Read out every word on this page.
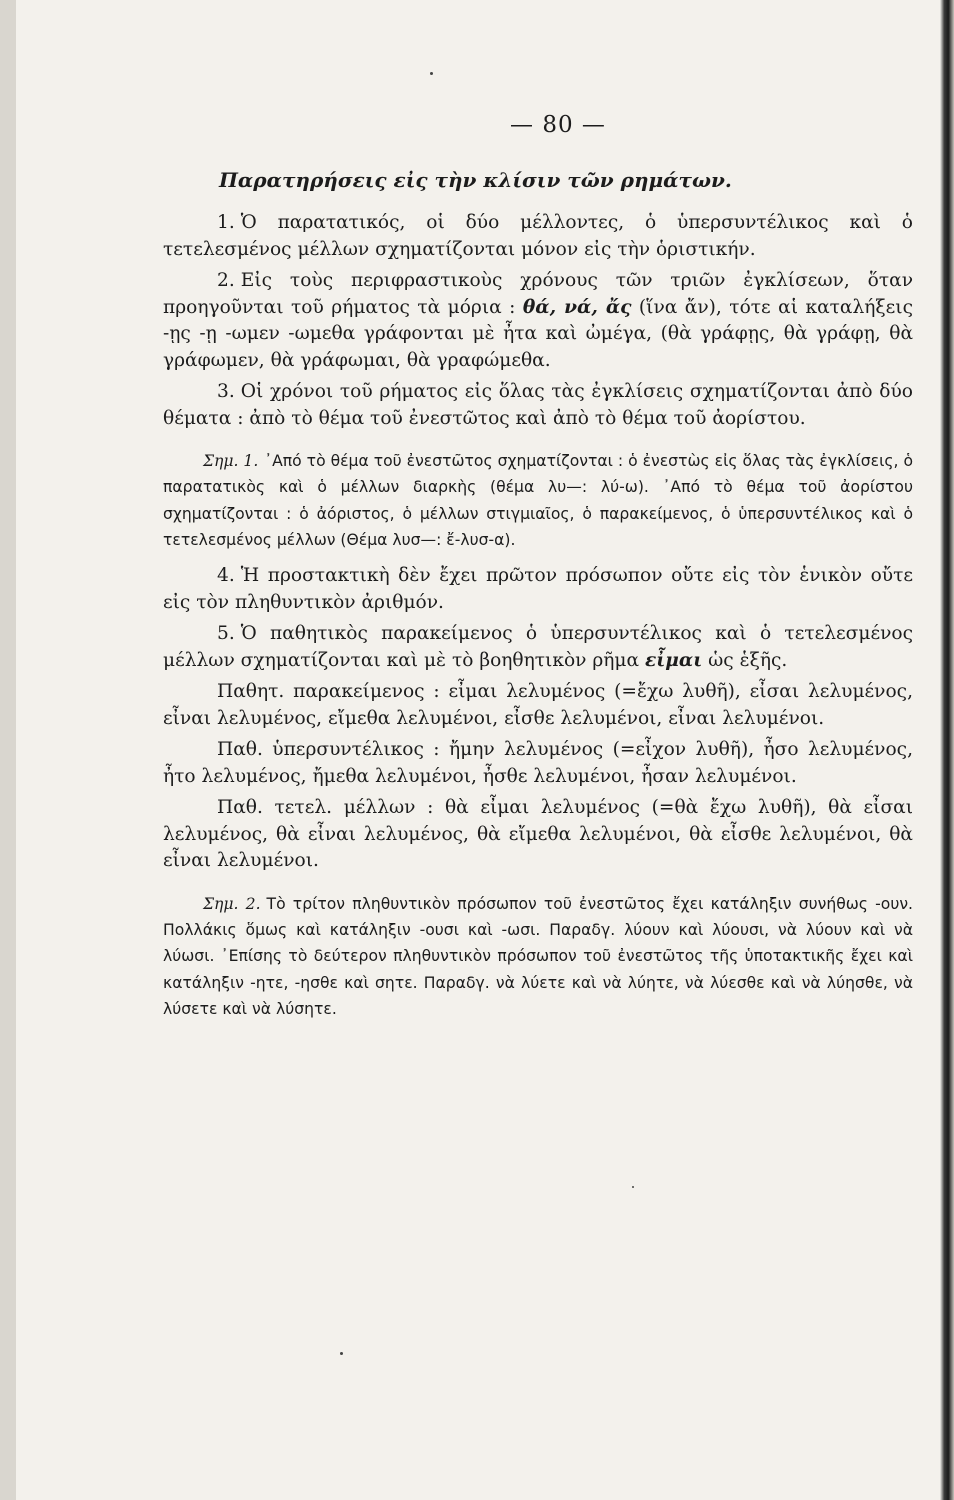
— 80 —
Παρατηρήσεις εἰς τὴν κλίσιν τῶν ρημάτων.

1. Ὁ παρατατικός, οἱ δύο μέλλοντες, ὁ ὑπερσυντέλικος καὶ ὁ τετελεσμένος μέλλων σχηματίζονται μόνον εἰς τὴν ὁριστικήν.

2. Εἰς τοὺς περιφραστικοὺς χρόνους τῶν τριῶν ἐγκλίσεων, ὅταν προηγοῦνται τοῦ ρήματος τὰ μόρια : θά, νά, ἄς (ἵνα ἄν), τότε αἱ καταλήξεις -ῃς -ῃ -ωμεν -ωμεθα γράφονται μὲ ἦτα καὶ ὠμέγα, (θὰ γράφῃς, θὰ γράφῃ, θὰ γράφωμεν, θὰ γράφωμαι, θὰ γραφώμεθα.

3. Οἱ χρόνοι τοῦ ρήματος εἰς ὅλας τὰς ἐγκλίσεις σχηματίζονται ἀπὸ δύο θέματα : ἀπὸ τὸ θέμα τοῦ ἐνεστῶτος καὶ ἀπὸ τὸ θέμα τοῦ ἀορίστου.

Σημ. 1. ᾿Από τὸ θέμα τοῦ ἐνεστῶτος σχηματίζονται : ὁ ἐνεστὼς εἰς ὅλας τὰς ἐγκλίσεις, ὁ παρατατικὸς καὶ ὁ μέλλων διαρκὴς (θέμα λυ—: λύ-ω). ᾿Από τὸ θέμα τοῦ ἀορίστου σχηματίζονται : ὁ ἀόριστος, ὁ μέλλων στιγμιαῖος, ὁ παρακείμενος, ὁ ὑπερσυντέλικος καὶ ὁ τετελεσμένος μέλλων (Θέμα λυσ—: ἔ-λυσ-α).

4. Ἡ προστακτικὴ δὲν ἔχει πρῶτον πρόσωπον οὔτε εἰς τὸν ἑνικὸν οὔτε εἰς τὸν πληθυντικὸν ἀριθμόν.

5. Ὁ παθητικὸς παρακείμενος ὁ ὑπερσυντέλικος καὶ ὁ τετελεσμένος μέλλων σχηματίζονται καὶ μὲ τὸ βοηθητικὸν ρῆμα εἶμαι ὡς ἑξῆς.

Παθητ. παρακείμενος : εἶμαι λελυμένος (=ἔχω λυθῆ), εἶσαι λελυμένος, εἶναι λελυμένος, εἴμεθα λελυμένοι, εἶσθε λελυμένοι, εἶναι λελυμένοι.

Παθ. ὑπερσυντέλικος : ἤμην λελυμένος (=εἶχον λυθῆ), ἦσο λελυμένος, ἦτο λελυμένος, ἤμεθα λελυμένοι, ἦσθε λελυμένοι, ἦσαν λελυμένοι.

Παθ. τετελ. μέλλων : θὰ εἶμαι λελυμένος (=θὰ ἔχω λυθῆ), θὰ εἶσαι λελυμένος, θὰ εἶναι λελυμένος, θὰ εἴμεθα λελυμένοι, θὰ εἶσθε λελυμένοι, θὰ εἶναι λελυμένοι.

Σημ. 2. Τὸ τρίτον πληθυντικὸν πρόσωπον τοῦ ἐνεστῶτος ἔχει κατάληξιν συνήθως -ουν. Πολλάκις ὅμως καὶ κατάληξιν -ουσι καὶ -ωσι. Παραδγ. λύουν καὶ λύουσι, νὰ λύουν καὶ νὰ λύωσι. ᾿Επίσης τὸ δεύτερον πληθυντικὸν πρόσωπον τοῦ ἐνεστῶτος τῆς ὑποτακτικῆς ἔχει καὶ κατάληξιν -ητε, -ησθε καὶ σητε. Παραδγ. νὰ λύετε καὶ νὰ λύητε, νὰ λύεσθε καὶ νὰ λύησθε, νὰ λύσετε καὶ νὰ λύσητε.
